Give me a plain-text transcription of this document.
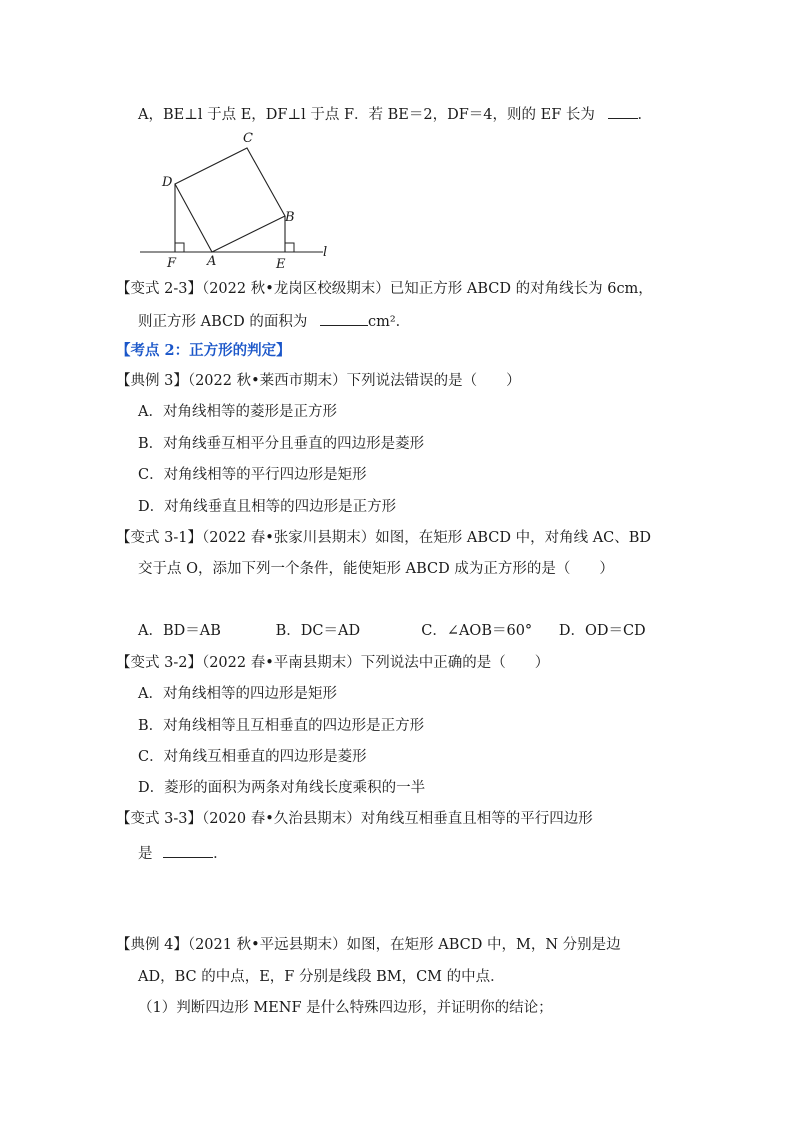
A，BE⊥l 于点 E，DF⊥l 于点 F．若 BE＝2，DF＝4，则的 EF 长为	．
C
D
B
F A	E
l
【变式 2-3】（2022 秋•龙岗区校级期末）已知正方形 ABCD 的对角线长为 6cm，
则正方形 ABCD 的面积为	cm²．
【考点 2：正方形的判定】
【典例 3】（2022 秋•莱西市期末）下列说法错误的是（　　）
A．对角线相等的菱形是正方形
B．对角线垂互相平分且垂直的四边形是菱形
C．对角线相等的平行四边形是矩形
D．对角线垂直且相等的四边形是正方形
【变式 3-1】（2022 春•张家川县期末）如图，在矩形 ABCD 中，对角线 AC、BD
交于点 O，添加下列一个条件，能使矩形 ABCD 成为正方形的是（　　）
A．BD＝AB	B．DC＝AD	C．∠AOB＝60° D．OD＝CD
【变式 3-2】（2022 春•平南县期末）下列说法中正确的是（　　）
A．对角线相等的四边形是矩形
B．对角线相等且互相垂直的四边形是正方形
C．对角线互相垂直的四边形是菱形
D．菱形的面积为两条对角线长度乘积的一半
【变式 3-3】（2020 春•久治县期末）对角线互相垂直且相等的平行四边形
是	．
【典例 4】（2021 秋•平远县期末）如图，在矩形 ABCD 中，M，N 分别是边
AD，BC 的中点，E，F 分别是线段 BM，CM 的中点．
（1）判断四边形 MENF 是什么特殊四边形，并证明你的结论；
